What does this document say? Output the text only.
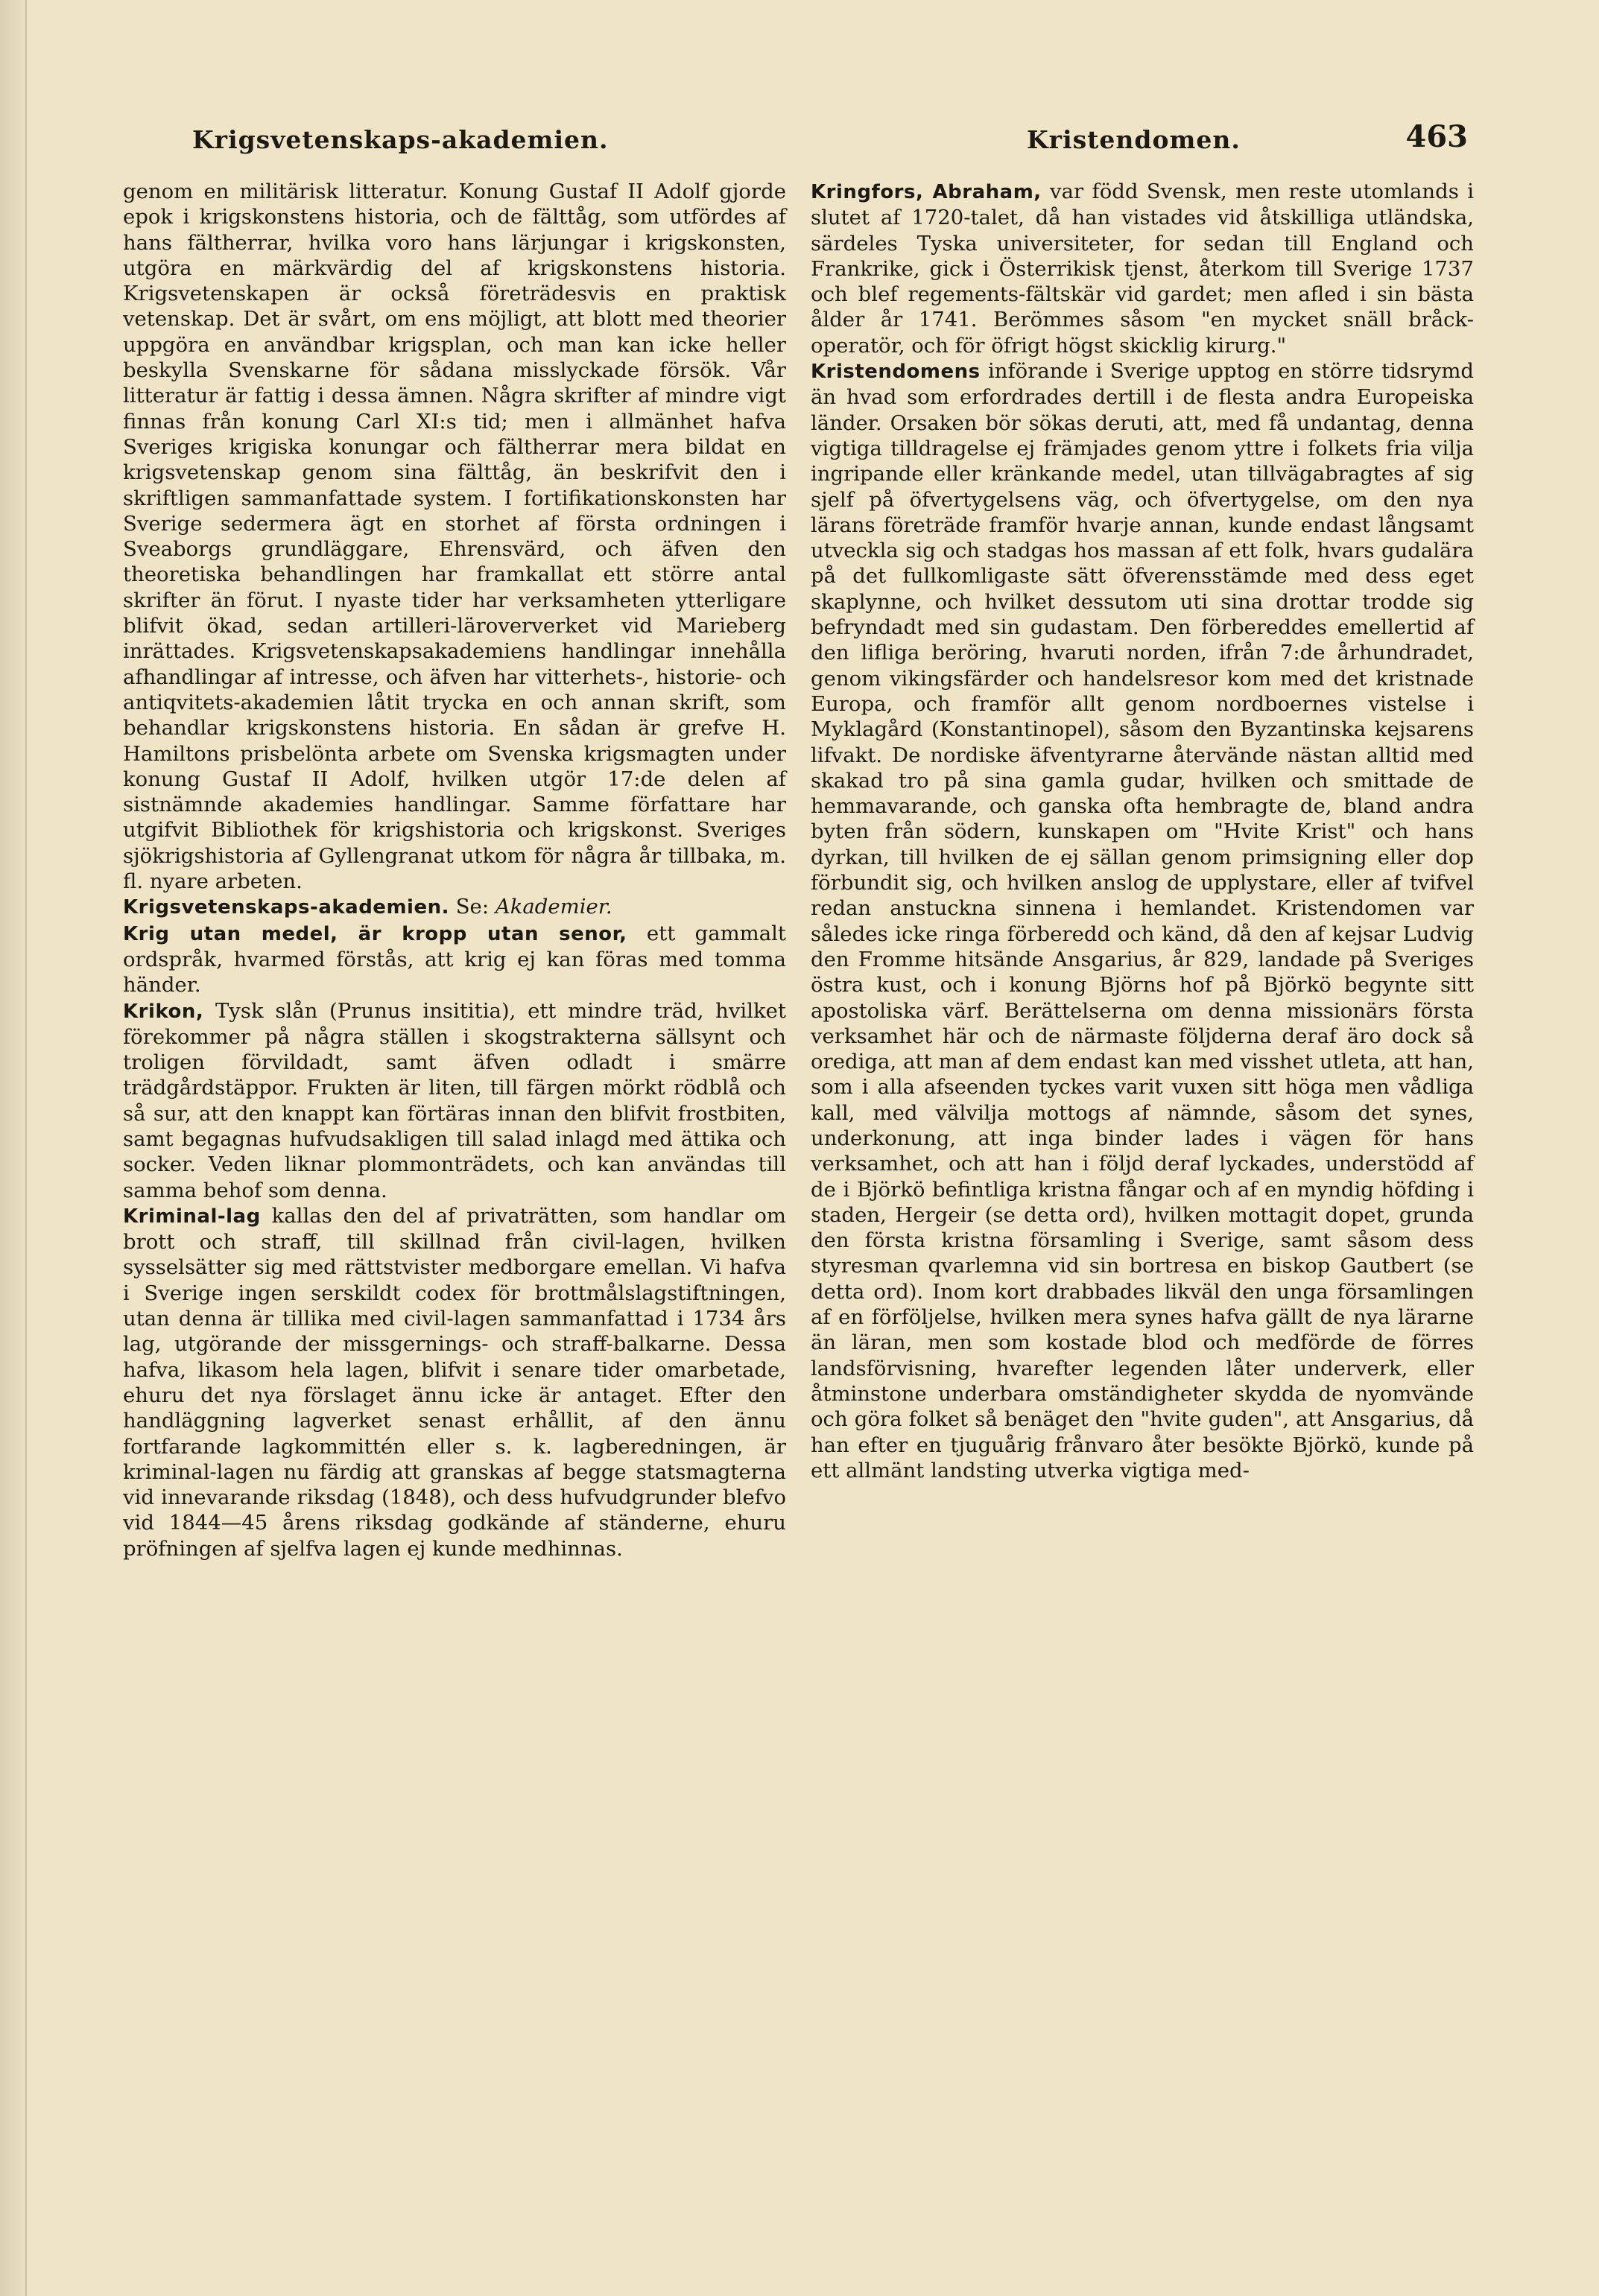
Krigsvetenskaps-akademien.	Kristendomen.	463

genom en militärisk litteratur. Konung Gustaf II Adolf gjorde epok i krigskonstens historia, och de fälttåg, som utfördes af hans fältherrar, hvilka voro hans lärjungar i krigskonsten, utgöra en märkvärdig del af krigskonstens historia. Krigsvetenskapen är också företrädesvis en praktisk vetenskap. Det är svårt, om ens möjligt, att blott med theorier uppgöra en användbar krigsplan, och man kan icke heller beskylla Svenskarne för sådana misslyckade försök. Vår litteratur är fattig i dessa ämnen. Några skrifter af mindre vigt finnas från konung Carl XI:s tid; men i allmänhet hafva Sveriges krigiska konungar och fältherrar mera bildat en krigsvetenskap genom sina fälttåg, än beskrifvit den i skriftligen sammanfattade system. I fortifikationskonsten har Sverige sedermera ägt en storhet af första ordningen i Sveaborgs grundläggare, Ehrensvärd, och äfven den theoretiska behandlingen har framkallat ett större antal skrifter än förut. I nyaste tider har verksamheten ytterligare blifvit ökad, sedan artilleri-läroververket vid Marieberg inrättades. Krigsvetenskapsakademiens handlingar innehålla afhandlingar af intresse, och äfven har vitterhets-, historie- och antiqvitets-akademien låtit trycka en och annan skrift, som behandlar krigskonstens historia. En sådan är grefve H. Hamiltons prisbelönta arbete om Svenska krigsmagten under konung Gustaf II Adolf, hvilken utgör 17:de delen af sistnämnde akademies handlingar. Samme författare har utgifvit Bibliothek för krigshistoria och krigskonst. Sveriges sjökrigshistoria af Gyllengranat utkom för några år tillbaka, m. fl. nyare arbeten.

Krigsvetenskaps-akademien. Se: Akademier.

Krig utan medel, är kropp utan senor, ett gammalt ordspråk, hvarmed förstås, att krig ej kan föras med tomma händer.

Krikon, Tysk slån (Prunus insititia), ett mindre träd, hvilket förekommer på några ställen i skogstrakterna sällsynt och troligen förvildadt, samt äfven odladt i smärre trädgårdstäppor. Frukten är liten, till färgen mörkt rödblå och så sur, att den knappt kan förtäras innan den blifvit frostbiten, samt begagnas hufvudsakligen till salad inlagd med ättika och socker. Veden liknar plommonträdets, och kan användas till samma behof som denna.

Kriminal-lag kallas den del af privaträtten, som handlar om brott och straff, till skillnad från civil-lagen, hvilken sysselsätter sig med rättstvister medborgare emellan. Vi hafva i Sverige ingen serskildt codex för brottmålslagstiftningen, utan denna är tillika med civil-lagen sammanfattad i 1734 års lag, utgörande der missgernings- och straff-balkarne. Dessa hafva, likasom hela lagen, blifvit i senare tider omarbetade, ehuru det nya förslaget ännu icke är antaget. Efter den handläggning lagverket senast erhållit, af den ännu fortfarande lagkommittén eller s. k. lagberedningen, är kriminal-lagen nu färdig att granskas af begge statsmagterna vid innevarande riksdag (1848), och dess hufvudgrunder blefvo vid 1844—45 årens riksdag godkände af ständerne, ehuru pröfningen af sjelfva lagen ej kunde medhinnas.

Kringfors, Abraham, var född Svensk, men reste utomlands i slutet af 1720-talet, då han vistades vid åtskilliga utländska, särdeles Tyska universiteter, for sedan till England och Frankrike, gick i Österrikisk tjenst, återkom till Sverige 1737 och blef regements-fältskär vid gardet; men afled i sin bästa ålder år 1741. Berömmes såsom "en mycket snäll bråck-operatör, och för öfrigt högst skicklig kirurg."

Kristendomens införande i Sverige upptog en större tidsrymd än hvad som erfordrades dertill i de flesta andra Europeiska länder. Orsaken bör sökas deruti, att, med få undantag, denna vigtiga tilldragelse ej främjades genom yttre i folkets fria vilja ingripande eller kränkande medel, utan tillvägabragtes af sig sjelf på öfvertygelsens väg, och öfvertygelse, om den nya lärans företräde framför hvarje annan, kunde endast långsamt utveckla sig och stadgas hos massan af ett folk, hvars gudalära på det fullkomligaste sätt öfverensstämde med dess eget skaplynne, och hvilket dessutom uti sina drottar trodde sig befryndadt med sin gudastam. Den förbereddes emellertid af den lifliga beröring, hvaruti norden, ifrån 7:de århundradet, genom vikingsfärder och handelsresor kom med det kristnade Europa, och framför allt genom nordboernes vistelse i Myklagård (Konstantinopel), såsom den Byzantinska kejsarens lifvakt. De nordiske äfventyrarne återvände nästan alltid med skakad tro på sina gamla gudar, hvilken och smittade de hemmavarande, och ganska ofta hembragte de, bland andra byten från södern, kunskapen om "Hvite Krist" och hans dyrkan, till hvilken de ej sällan genom primsigning eller dop förbundit sig, och hvilken anslog de upplystare, eller af tvifvel redan anstuckna sinnena i hemlandet. Kristendomen var således icke ringa förberedd och känd, då den af kejsar Ludvig den Fromme hitsände Ansgarius, år 829, landade på Sveriges östra kust, och i konung Björns hof på Björkö begynte sitt apostoliska värf. Berättelserna om denna missionärs första verksamhet här och de närmaste följderna deraf äro dock så orediga, att man af dem endast kan med visshet utleta, att han, som i alla afseenden tyckes varit vuxen sitt höga men vådliga kall, med välvilja mottogs af nämnde, såsom det synes, underkonung, att inga binder lades i vägen för hans verksamhet, och att han i följd deraf lyckades, understödd af de i Björkö befintliga kristna fångar och af en myndig höfding i staden, Hergeir (se detta ord), hvilken mottagit dopet, grunda den första kristna församling i Sverige, samt såsom dess styresman qvarlemna vid sin bortresa en biskop Gautbert (se detta ord). Inom kort drabbades likväl den unga församlingen af en förföljelse, hvilken mera synes hafva gällt de nya lärarne än läran, men som kostade blod och medförde de förres landsförvisning, hvarefter legenden låter underverk, eller åtminstone underbara omständigheter skydda de nyomvände och göra folket så benäget den "hvite guden", att Ansgarius, då han efter en tjuguårig frånvaro åter besökte Björkö, kunde på ett allmänt landsting utverka vigtiga med-
